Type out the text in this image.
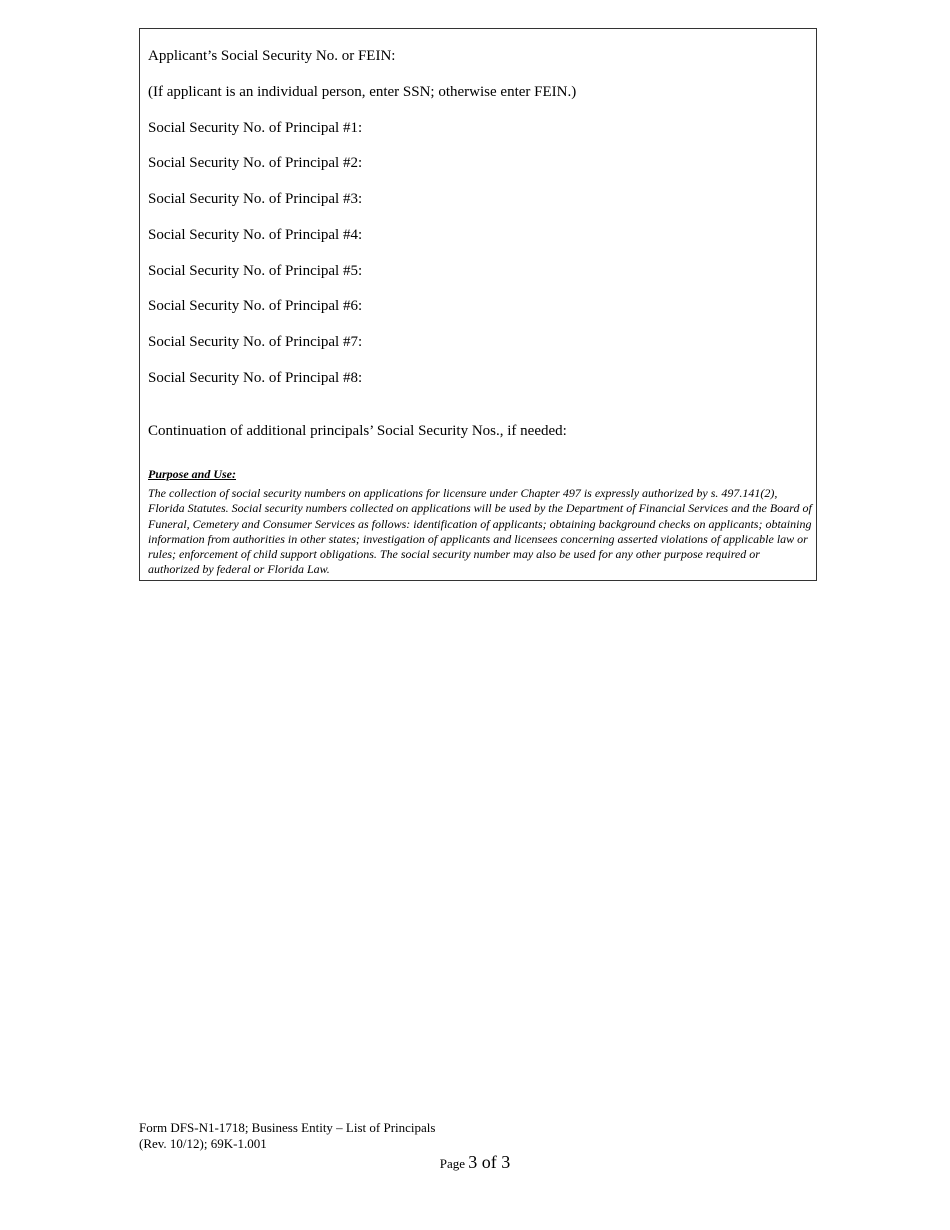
Applicant’s Social Security No. or FEIN:
(If applicant is an individual person, enter SSN; otherwise enter FEIN.)
Social Security No. of Principal #1:
Social Security No. of Principal #2:
Social Security No. of Principal #3:
Social Security No. of Principal #4:
Social Security No. of Principal #5:
Social Security No. of Principal #6:
Social Security No. of Principal #7:
Social Security No. of Principal #8:
Continuation of additional principals’ Social Security Nos., if needed:
Purpose and Use:
The collection of social security numbers on applications for licensure under Chapter 497 is expressly authorized by s. 497.141(2), Florida Statutes. Social security numbers collected on applications will be used by the Department of Financial Services and the Board of Funeral, Cemetery and Consumer Services as follows: identification of applicants; obtaining background checks on applicants; obtaining information from authorities in other states; investigation of applicants and licensees concerning asserted violations of applicable law or rules; enforcement of child support obligations. The social security number may also be used for any other purpose required or authorized by federal or Florida Law.
Form DFS-N1-1718; Business Entity – List of Principals
(Rev. 10/12); 69K-1.001
Page 3 of 3
